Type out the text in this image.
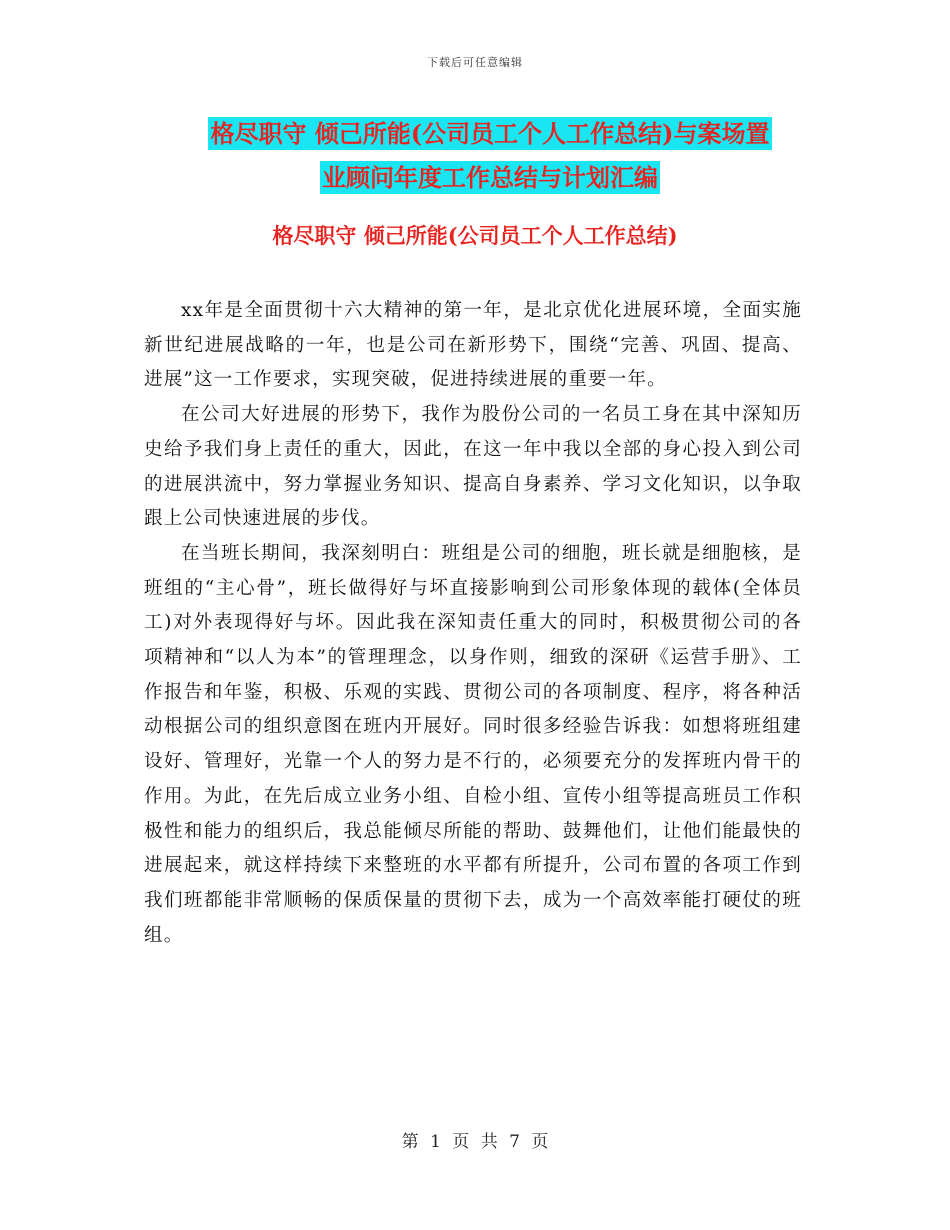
下载后可任意编辑
格尽职守 倾己所能(公司员工个人工作总结)与案场置
业顾问年度工作总结与计划汇编
格尽职守 倾己所能(公司员工个人工作总结)

xx年是全面贯彻十六大精神的第一年，是北京优化进展环境，全面实施新世纪进展战略的一年，也是公司在新形势下，围绕“完善、巩固、提高、进展”这一工作要求，实现突破，促进持续进展的重要一年。

在公司大好进展的形势下，我作为股份公司的一名员工身在其中深知历史给予我们身上责任的重大，因此，在这一年中我以全部的身心投入到公司的进展洪流中，努力掌握业务知识、提高自身素养、学习文化知识，以争取跟上公司快速进展的步伐。

在当班长期间，我深刻明白：班组是公司的细胞，班长就是细胞核，是班组的“主心骨”，班长做得好与坏直接影响到公司形象体现的载体(全体员工)对外表现得好与坏。因此我在深知责任重大的同时，积极贯彻公司的各项精神和“以人为本”的管理理念，以身作则，细致的深研《运营手册》、工作报告和年鉴，积极、乐观的实践、贯彻公司的各项制度、程序，将各种活动根据公司的组织意图在班内开展好。同时很多经验告诉我：如想将班组建设好、管理好，光靠一个人的努力是不行的，必须要充分的发挥班内骨干的作用。为此，在先后成立业务小组、自检小组、宣传小组等提高班员工作积极性和能力的组织后，我总能倾尽所能的帮助、鼓舞他们，让他们能最快的进展起来，就这样持续下来整班的水平都有所提升，公司布置的各项工作到我们班都能非常顺畅的保质保量的贯彻下去，成为一个高效率能打硬仗的班组。

第 1 页 共 7 页
